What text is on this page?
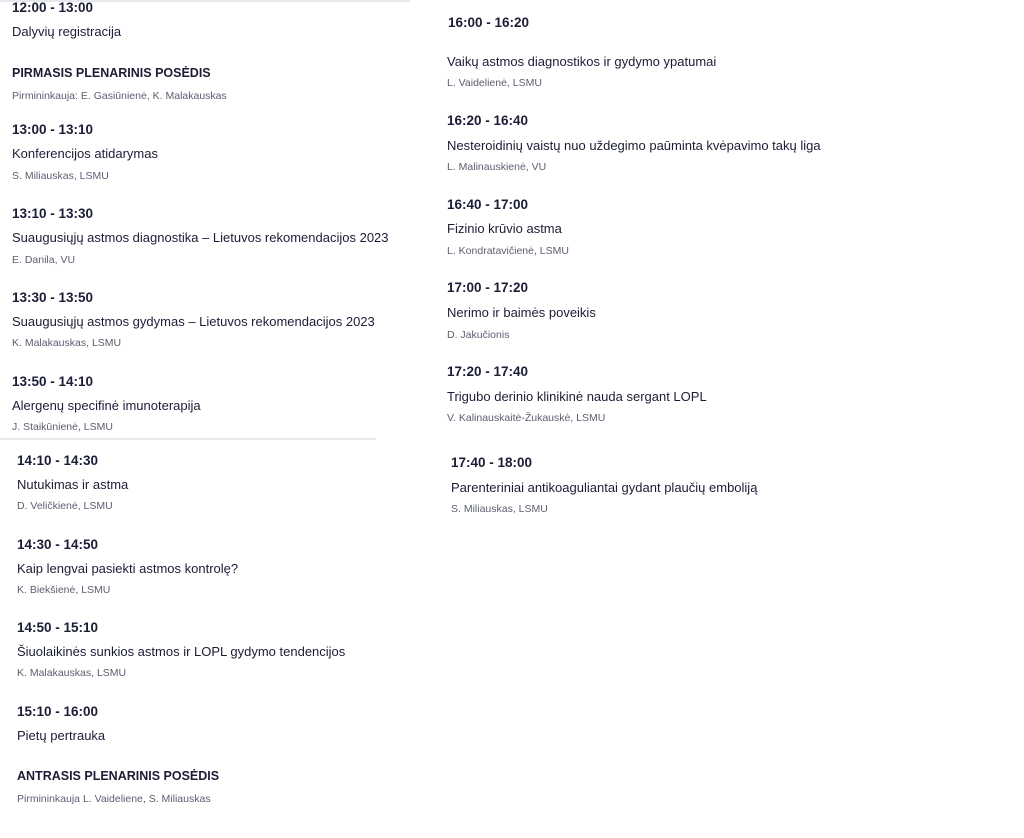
12:00 - 13:00
Dalyvių registracija
PIRMASIS PLENARINIS POSĖDIS
Pirmininkauja: E. Gasiūnienė, K. Malakauskas
13:00 - 13:10
Konferencijos atidarymas
S. Miliauskas, LSMU
13:10 - 13:30
Suaugusiųjų astmos diagnostika – Lietuvos rekomendacijos 2023
E. Danila, VU
13:30 - 13:50
Suaugusiųjų astmos gydymas – Lietuvos rekomendacijos 2023
K. Malakauskas, LSMU
13:50 - 14:10
Alergenų specifinė imunoterapija
J. Staikūnienė, LSMU
14:10 - 14:30
Nutukimas ir astma
D. Veličkienė, LSMU
14:30 - 14:50
Kaip lengvai pasiekti astmos kontrolę?
K. Biekšienė, LSMU
14:50 - 15:10
Šiuolaikinės sunkios astmos ir LOPL gydymo tendencijos
K. Malakauskas, LSMU
15:10 - 16:00
Pietų pertrauka
ANTRASIS PLENARINIS POSĖDIS
Pirmininkauja L. Vaideliene, S. Miliauskas
16:00 - 16:20
Vaikų astmos diagnostikos ir gydymo ypatumai
L. Vaidelienė, LSMU
16:20 - 16:40
Nesteroidinių vaistų nuo uždegimo paūminta kvėpavimo takų liga
L. Malinauskienė, VU
16:40 - 17:00
Fizinio krūvio astma
L. Kondratavičienė, LSMU
17:00 - 17:20
Nerimo ir baimės poveikis
D. Jakučionis
17:20 - 17:40
Trigubo derinio klinikinė nauda sergant LOPL
V. Kalinauskaitė-Žukauskė, LSMU
17:40 - 18:00
Parenteriniai antikoaguliantai gydant plaučių emboliją
S. Miliauskas, LSMU
